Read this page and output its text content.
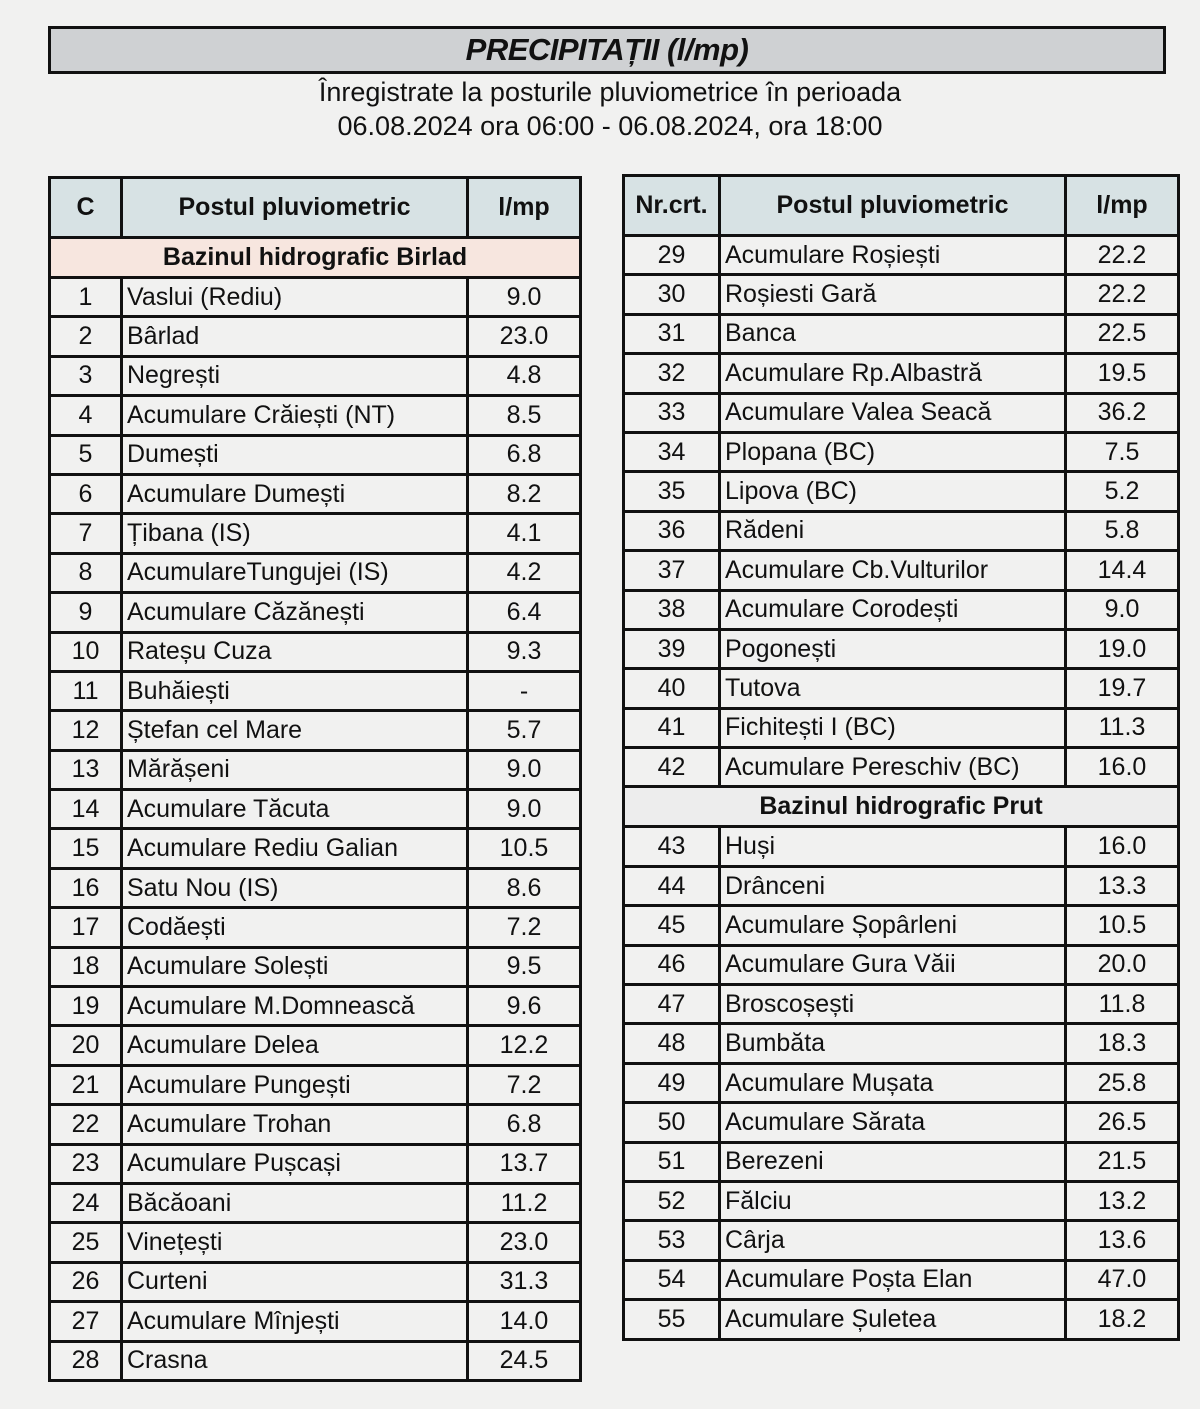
PRECIPITAȚII (l/mp)
Înregistrate la posturile pluviometrice în perioada
06.08.2024 ora 06:00 - 06.08.2024, ora 18:00
C	Postul pluviometric	l/mp
Bazinul hidrografic Birlad		
1	Vaslui (Rediu)	9.0
2	Bârlad	23.0
3	Negrești	4.8
4	Acumulare Crăiești (NT)	8.5
5	Dumești	6.8
6	Acumulare Dumești	8.2
7	Țibana (IS)	4.1
8	AcumulareTungujei (IS)	4.2
9	Acumulare Căzănești	6.4
10	Rateșu Cuza	9.3
11	Buhăiești	-
12	Ștefan cel Mare	5.7
13	Mărășeni	9.0
14	Acumulare Tăcuta	9.0
15	Acumulare Rediu Galian	10.5
16	Satu Nou (IS)	8.6
17	Codăești	7.2
18	Acumulare Solești	9.5
19	Acumulare M.Domnească	9.6
20	Acumulare Delea	12.2
21	Acumulare Pungești	7.2
22	Acumulare Trohan	6.8
23	Acumulare Pușcași	13.7
24	Băcăoani	11.2
25	Vinețești	23.0
26	Curteni	31.3
27	Acumulare Mînjești	14.0
28	Crasna	24.5
Nr.crt.	Postul pluviometric	l/mp
29	Acumulare Roșiești	22.2
30	Roșiesti Gară	22.2
31	Banca	22.5
32	Acumulare Rp.Albastră	19.5
33	Acumulare Valea Seacă	36.2
34	Plopana (BC)	7.5
35	Lipova (BC)	5.2
36	Rădeni	5.8
37	Acumulare Cb.Vulturilor	14.4
38	Acumulare Corodești	9.0
39	Pogonești	19.0
40	Tutova	19.7
41	Fichitești I (BC)	11.3
42	Acumulare Pereschiv (BC)	16.0
Bazinul hidrografic Prut		
43	Huși	16.0
44	Drânceni	13.3
45	Acumulare Șopârleni	10.5
46	Acumulare Gura Văii	20.0
47	Broscoșești	11.8
48	Bumbăta	18.3
49	Acumulare Mușata	25.8
50	Acumulare Sărata	26.5
51	Berezeni	21.5
52	Fălciu	13.2
53	Cârja	13.6
54	Acumulare Poșta Elan	47.0
55	Acumulare Șuletea	18.2
